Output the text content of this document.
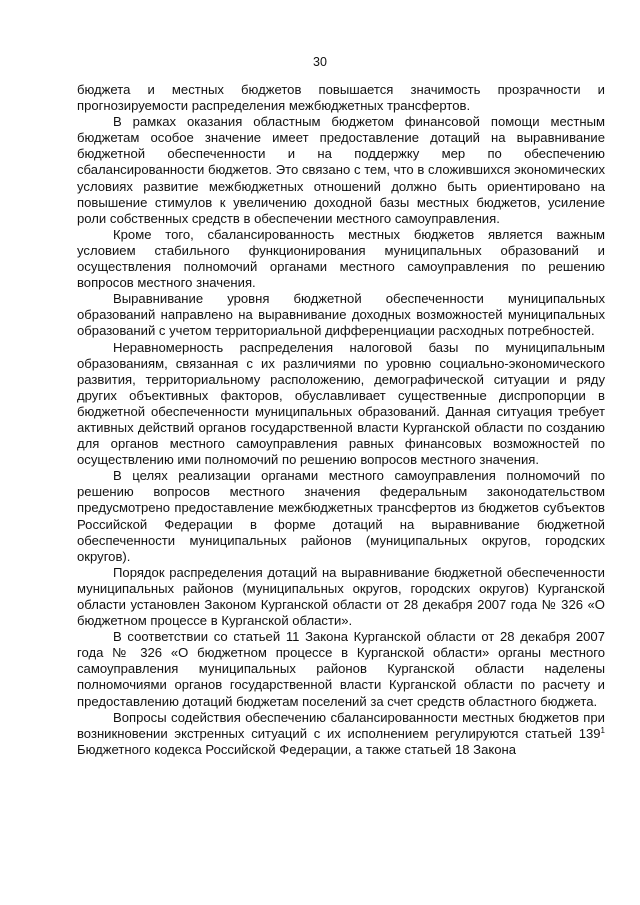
30

бюджета и местных бюджетов повышается значимость прозрачности и прогнозируемости распределения межбюджетных трансфертов.

В рамках оказания областным бюджетом финансовой помощи местным бюджетам особое значение имеет предоставление дотаций на выравнивание бюджетной обеспеченности и на поддержку мер по обеспечению сбалансированности бюджетов. Это связано с тем, что в сложившихся экономических условиях развитие межбюджетных отношений должно быть ориентировано на повышение стимулов к увеличению доходной базы местных бюджетов, усиление роли собственных средств в обеспечении местного самоуправления.

Кроме того, сбалансированность местных бюджетов является важным условием стабильного функционирования муниципальных образований и осуществления полномочий органами местного самоуправления по решению вопросов местного значения.

Выравнивание уровня бюджетной обеспеченности муниципальных образований направлено на выравнивание доходных возможностей муниципальных образований с учетом территориальной дифференциации расходных потребностей.

Неравномерность распределения налоговой базы по муниципальным образованиям, связанная с их различиями по уровню социально-экономического развития, территориальному расположению, демографической ситуации и ряду других объективных факторов, обуславливает существенные диспропорции в бюджетной обеспеченности муниципальных образований. Данная ситуация требует активных действий органов государственной власти Курганской области по созданию для органов местного самоуправления равных финансовых возможностей по осуществлению ими полномочий по решению вопросов местного значения.

В целях реализации органами местного самоуправления полномочий по решению вопросов местного значения федеральным законодательством предусмотрено предоставление межбюджетных трансфертов из бюджетов субъектов Российской Федерации в форме дотаций на выравнивание бюджетной обеспеченности муниципальных районов (муниципальных округов, городских округов).

Порядок распределения дотаций на выравнивание бюджетной обеспеченности муниципальных районов (муниципальных округов, городских округов) Курганской области установлен Законом Курганской области от 28 декабря 2007 года № 326 «О бюджетном процессе в Курганской области».

В соответствии со статьей 11 Закона Курганской области от 28 декабря 2007 года № 326 «О бюджетном процессе в Курганской области» органы местного самоуправления муниципальных районов Курганской области наделены полномочиями органов государственной власти Курганской области по расчету и предоставлению дотаций бюджетам поселений за счет средств областного бюджета.

Вопросы содействия обеспечению сбалансированности местных бюджетов при возникновении экстренных ситуаций с их исполнением регулируются статьей $139^1$ Бюджетного кодекса Российской Федерации, а также статьей 18 Закона
